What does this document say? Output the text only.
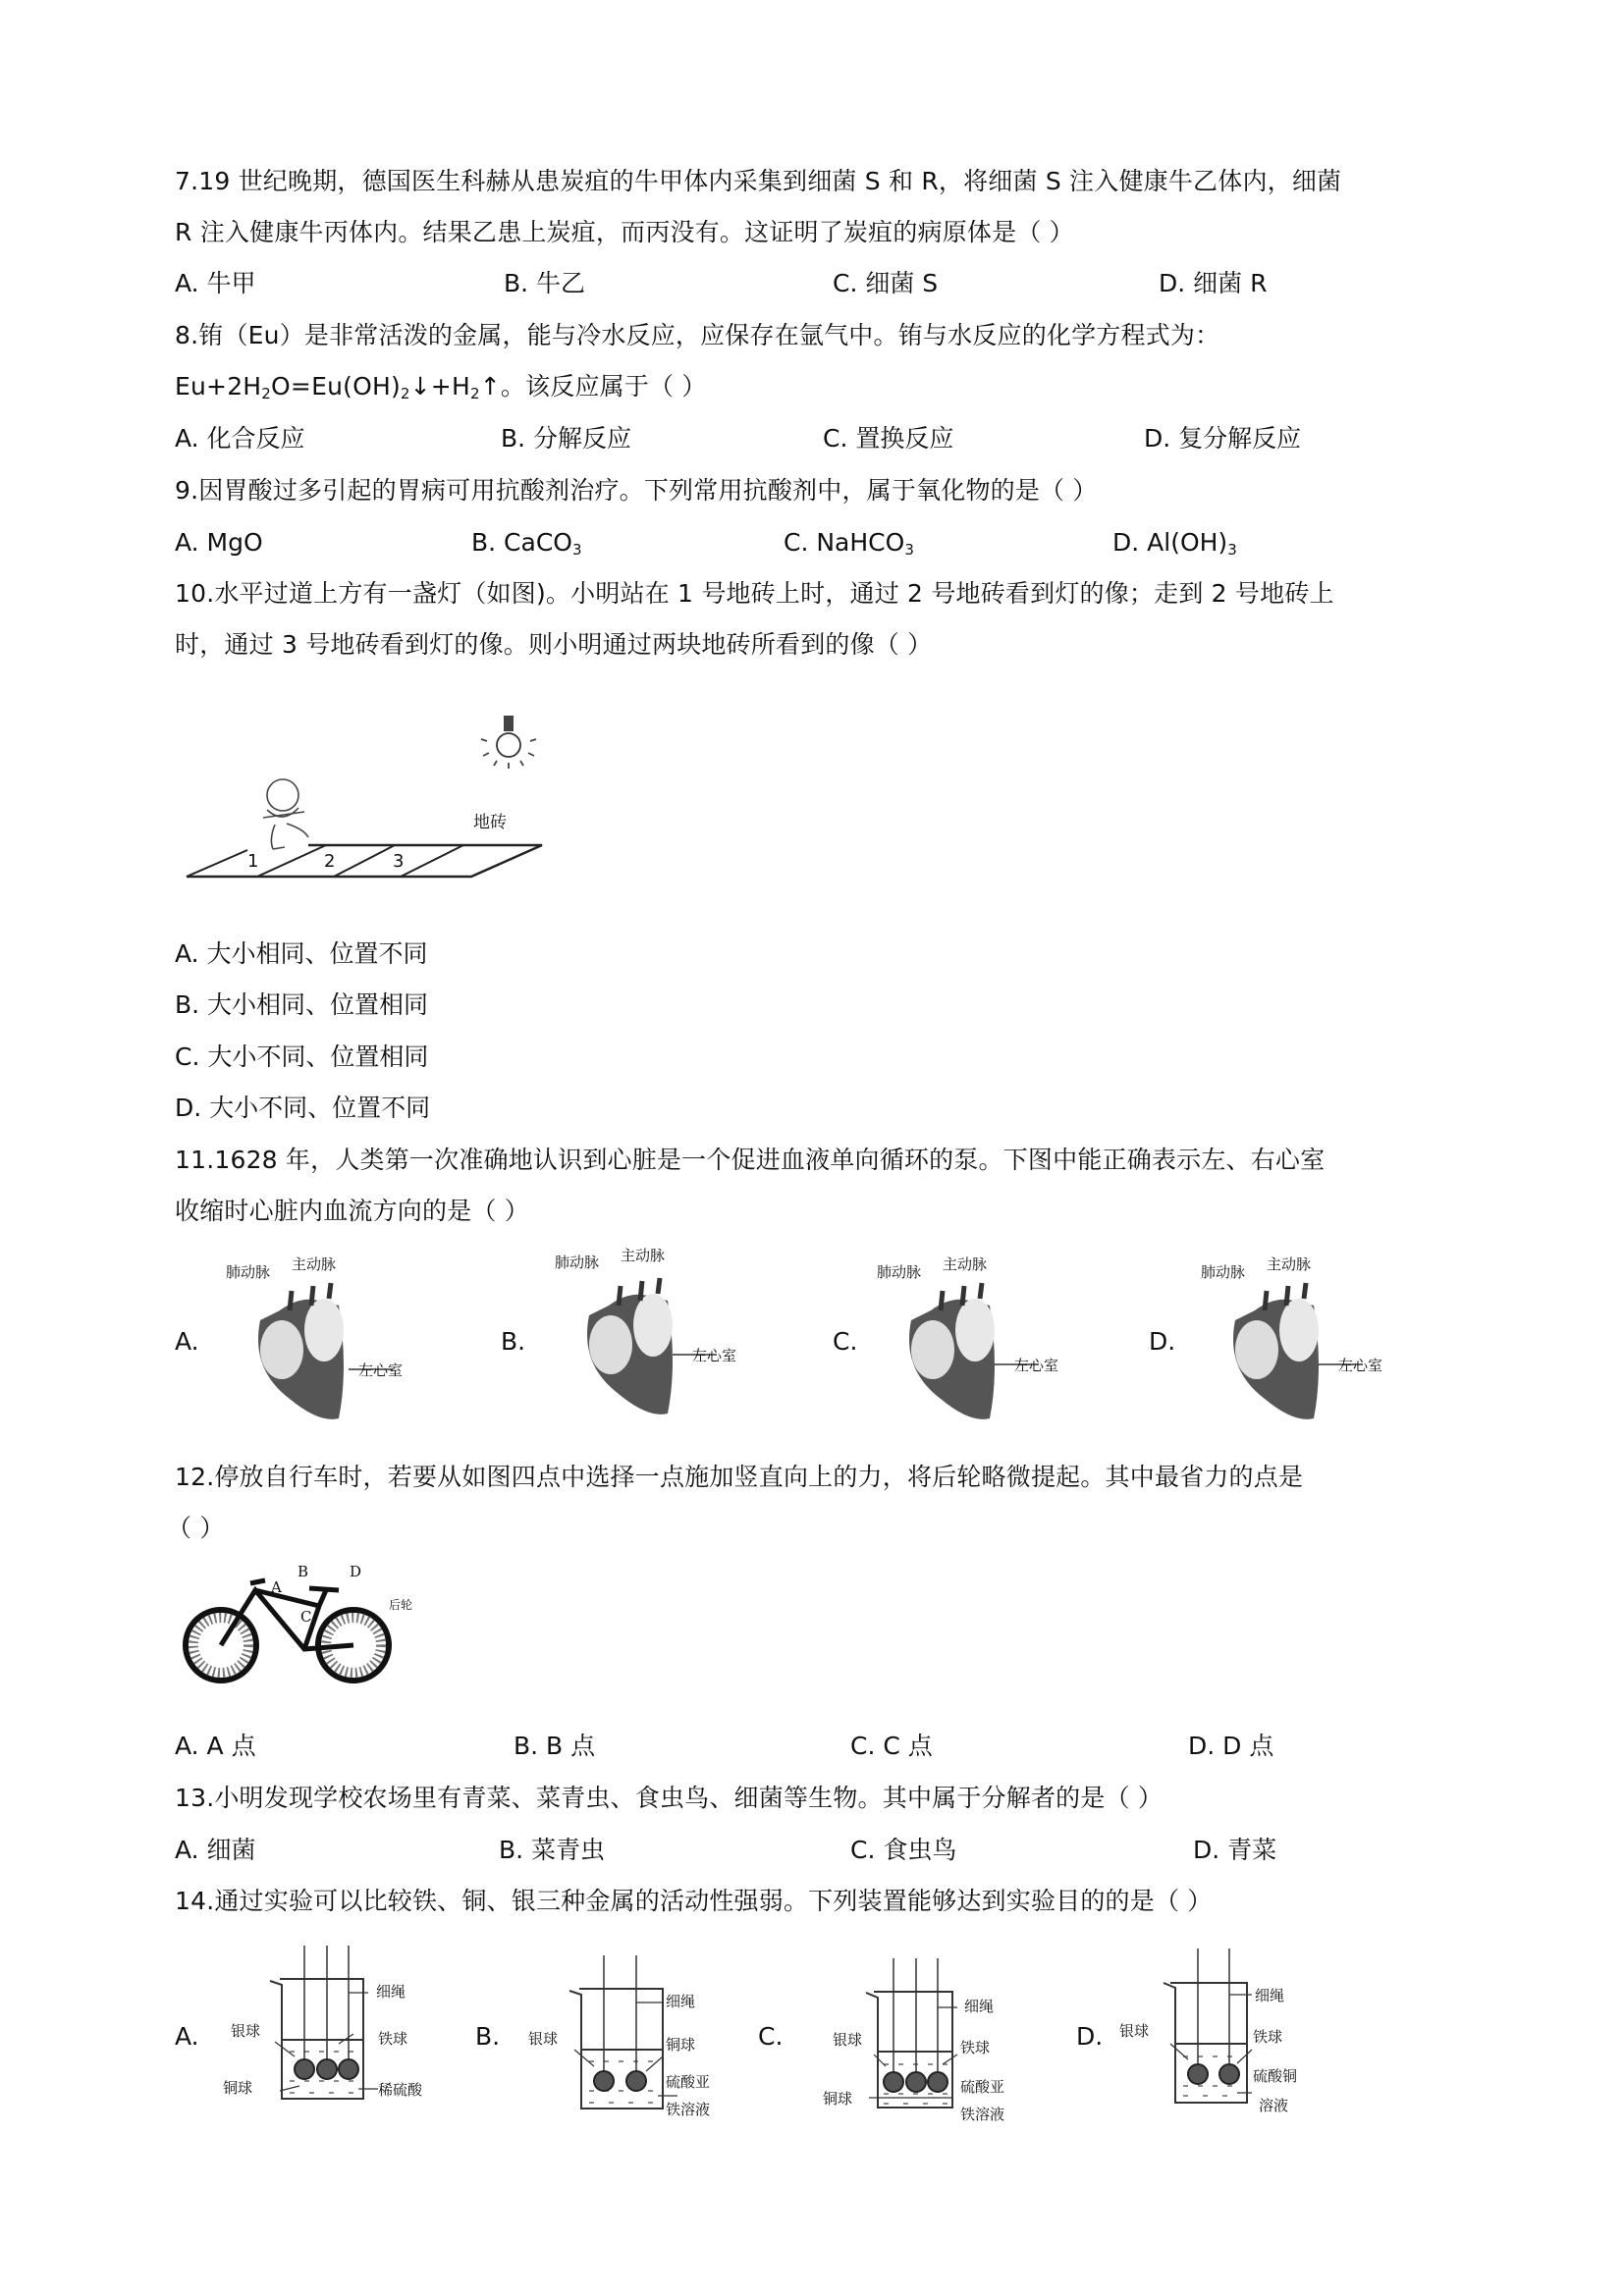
7.19 世纪晚期，德国医生科赫从患炭疽的牛甲体内采集到细菌 S 和 R，将细菌 S 注入健康牛乙体内，细菌
R 注入健康牛丙体内。结果乙患上炭疽，而丙没有。这证明了炭疽的病原体是（ ）
A. 牛甲	B. 牛乙	C. 细菌 S	D. 细菌 R
8.铕（Eu）是非常活泼的金属，能与冷水反应，应保存在氩气中。铕与水反应的化学方程式为：
$Eu+2H_2O=Eu(OH)_2↓+H_2↑$。该反应属于（ ）
A. 化合反应	B. 分解反应	C. 置换反应	D. 复分解反应
9.因胃酸过多引起的胃病可用抗酸剂治疗。下列常用抗酸剂中，属于氧化物的是（ ）
A. MgO	B. CaCO$_3$	C. NaHCO$_3$	D. $Al(OH)_3$
10.水平过道上方有一盏灯（如图)。小明站在 1 号地砖上时，通过 2 号地砖看到灯的像；走到 2 号地砖上
时，通过 3 号地砖看到灯的像。则小明通过两块地砖所看到的像（ ）
地砖
1	2	3
A. 大小相同、位置不同
B. 大小相同、位置相同
C. 大小不同、位置相同
D. 大小不同、位置不同
11.1628 年，人类第一次准确地认识到心脏是一个促进血液单向循环的泵。下图中能正确表示左、右心室
收缩时心脏内血流方向的是（ ）
A.
肺动脉 主动脉
左心室
B.
肺动脉 主动脉
左心室	C.
肺动脉 主动脉
左心室
D.
肺动脉 主动脉
左心室
12.停放自行车时，若要从如图四点中选择一点施加竖直向上的力，将后轮略微提起。其中最省力的点是
（ ）
A
B
C
D
后轮
A. A 点	B. B 点	C. C 点	D. D 点
13.小明发现学校农场里有青菜、菜青虫、食虫鸟、细菌等生物。其中属于分解者的是（ ）
A. 细菌	B. 菜青虫	C. 食虫鸟	D. 青菜
14.通过实验可以比较铁、铜、银三种金属的活动性强弱。下列装置能够达到实验目的的是（ ）
A.
细绳
银球	铁球
铜球	稀硫酸
B.
细绳
银球	铜球
硫酸亚
铁溶液
C.
细绳
银球	铁球
铜球
硫酸亚
铁溶液
D.
细绳
银球	铁球
硫酸铜
溶液
